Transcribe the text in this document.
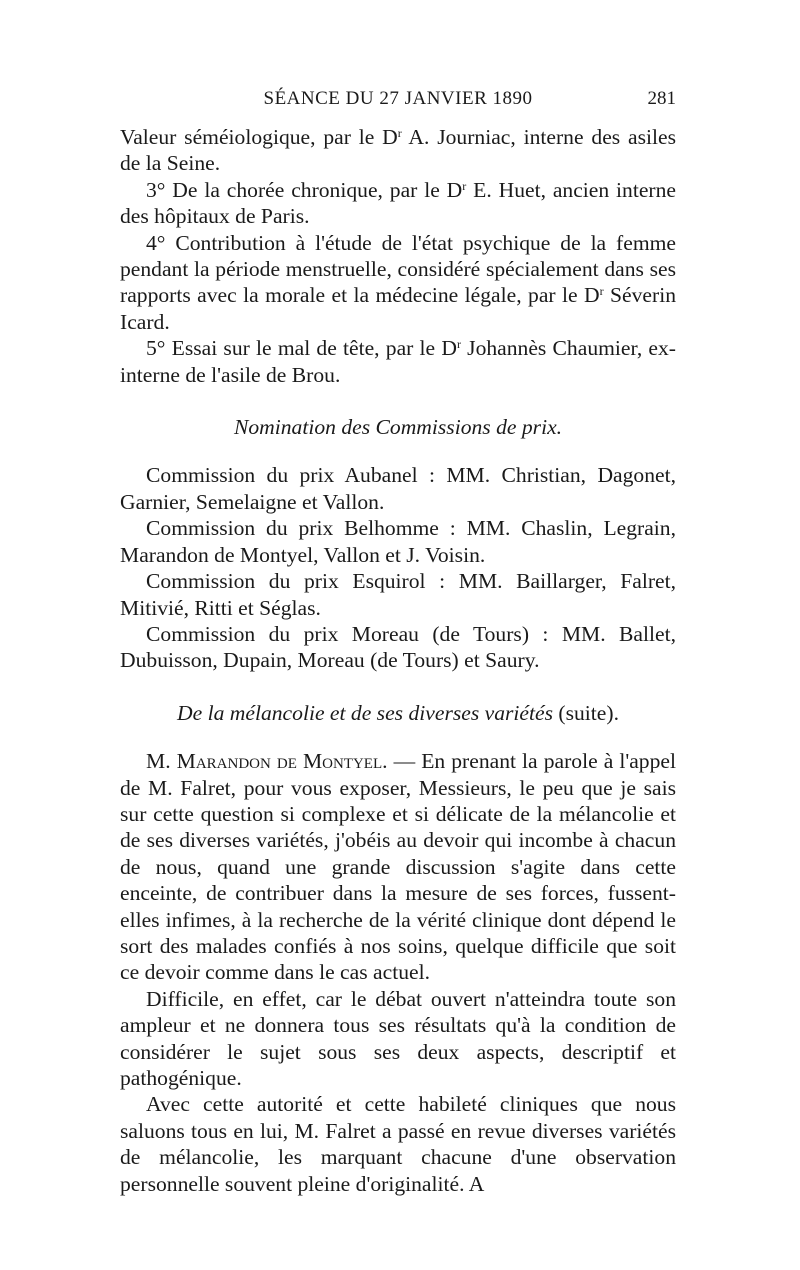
SÉANCE DU 27 JANVIER 1890	281

Valeur séméiologique, par le $D^r$ A. Journiac, interne des asiles de la Seine.

3° De la chorée chronique, par le $D^r$ E. Huet, ancien interne des hôpitaux de Paris.

4° Contribution à l'étude de l'état psychique de la femme pendant la période menstruelle, considéré spécialement dans ses rapports avec la morale et la médecine légale, par le $D^r$ Séverin Icard.

5° Essai sur le mal de tête, par le $D^r$ Johannès Chaumier, ex-interne de l'asile de Brou.

Nomination des Commissions de prix.

Commission du prix Aubanel : MM. Christian, Dagonet, Garnier, Semelaigne et Vallon.

Commission du prix Belhomme : MM. Chaslin, Legrain, Marandon de Montyel, Vallon et J. Voisin.

Commission du prix Esquirol : MM. Baillarger, Falret, Mitivié, Ritti et Séglas.

Commission du prix Moreau (de Tours) : MM. Ballet, Dubuisson, Dupain, Moreau (de Tours) et Saury.

De la mélancolie et de ses diverses variétés (suite).

M. Marandon de Montyel. — En prenant la parole à l'appel de M. Falret, pour vous exposer, Messieurs, le peu que je sais sur cette question si complexe et si délicate de la mélancolie et de ses diverses variétés, j'obéis au devoir qui incombe à chacun de nous, quand une grande discussion s'agite dans cette enceinte, de contribuer dans la mesure de ses forces, fussent-elles infimes, à la recherche de la vérité clinique dont dépend le sort des malades confiés à nos soins, quelque difficile que soit ce devoir comme dans le cas actuel.

Difficile, en effet, car le débat ouvert n'atteindra toute son ampleur et ne donnera tous ses résultats qu'à la condition de considérer le sujet sous ses deux aspects, descriptif et pathogénique.

Avec cette autorité et cette habileté cliniques que nous saluons tous en lui, M. Falret a passé en revue diverses variétés de mélancolie, les marquant chacune d'une observation personnelle souvent pleine d'originalité. A
